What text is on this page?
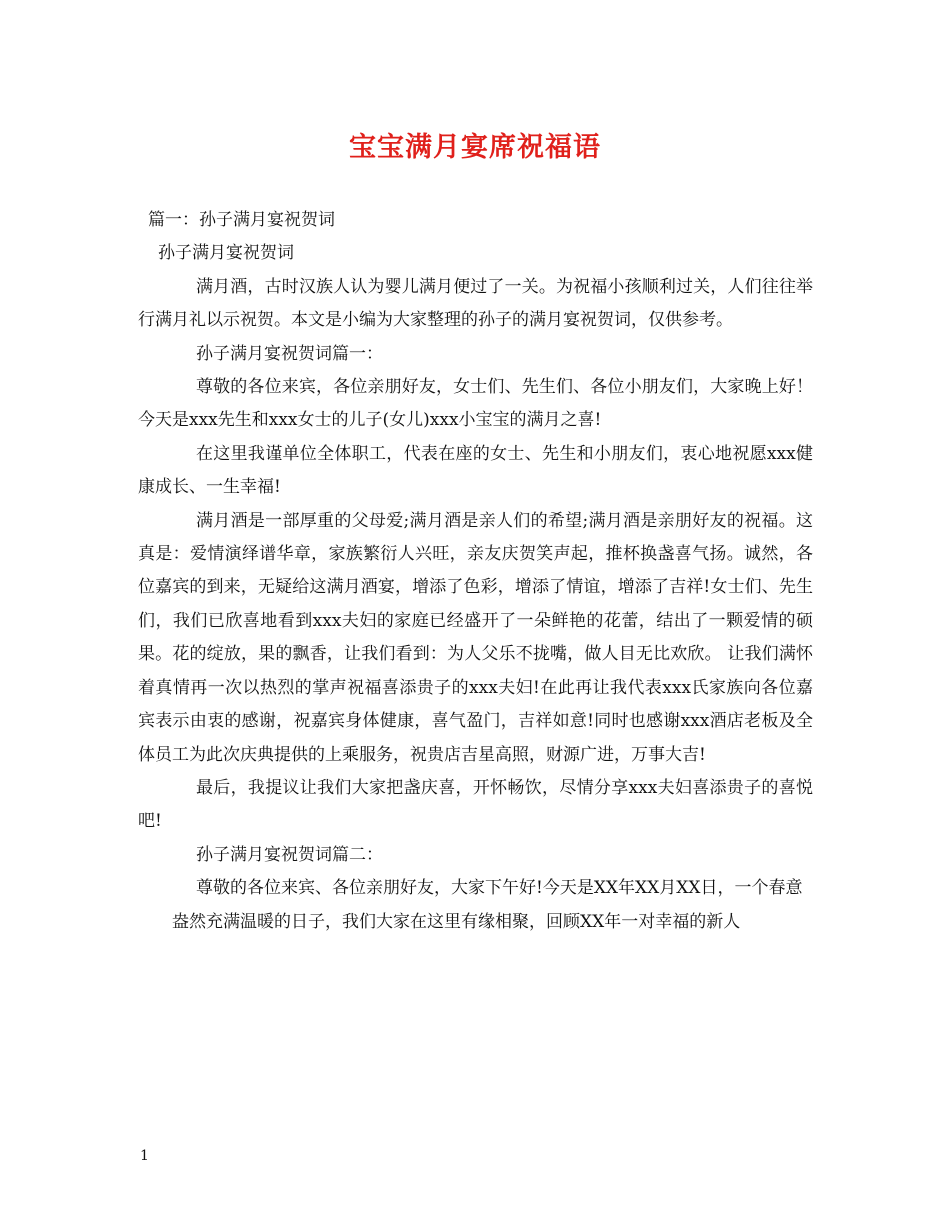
宝宝满月宴席祝福语

篇一：孙子满月宴祝贺词

孙子满月宴祝贺词

满月酒，古时汉族人认为婴儿满月便过了一关。为祝福小孩顺利过关，人们往往举行满月礼以示祝贺。本文是小编为大家整理的孙子的满月宴祝贺词，仅供参考。

孙子满月宴祝贺词篇一：

尊敬的各位来宾，各位亲朋好友，女士们、先生们、各位小朋友们，大家晚上好！今天是xxx先生和xxx女士的儿子(女儿)xxx小宝宝的满月之喜!

在这里我谨单位全体职工，代表在座的女士、先生和小朋友们，衷心地祝愿xxx健康成长、一生幸福!

满月酒是一部厚重的父母爱;满月酒是亲人们的希望;满月酒是亲朋好友的祝福。这真是：爱情演绎谱华章，家族繁衍人兴旺，亲友庆贺笑声起，推杯换盏喜气扬。诚然，各位嘉宾的到来，无疑给这满月酒宴，增添了色彩，增添了情谊，增添了吉祥!女士们、先生们，我们已欣喜地看到xxx夫妇的家庭已经盛开了一朵鲜艳的花蕾，结出了一颗爱情的硕果。花的绽放，果的飘香，让我们看到：为人父乐不拢嘴，做人目无比欢欣。 让我们满怀着真情再一次以热烈的掌声祝福喜添贵子的xxx夫妇!在此再让我代表xxx氏家族向各位嘉宾表示由衷的感谢，祝嘉宾身体健康，喜气盈门，吉祥如意!同时也感谢xxx酒店老板及全体员工为此次庆典提供的上乘服务，祝贵店吉星高照，财源广进，万事大吉!

最后，我提议让我们大家把盏庆喜，开怀畅饮，尽情分享xxx夫妇喜添贵子的喜悦吧!

孙子满月宴祝贺词篇二：

尊敬的各位来宾、各位亲朋好友，大家下午好!今天是XX年XX月XX日，一个春意

盎然充满温暖的日子，我们大家在这里有缘相聚，回顾XX年一对幸福的新人

1
